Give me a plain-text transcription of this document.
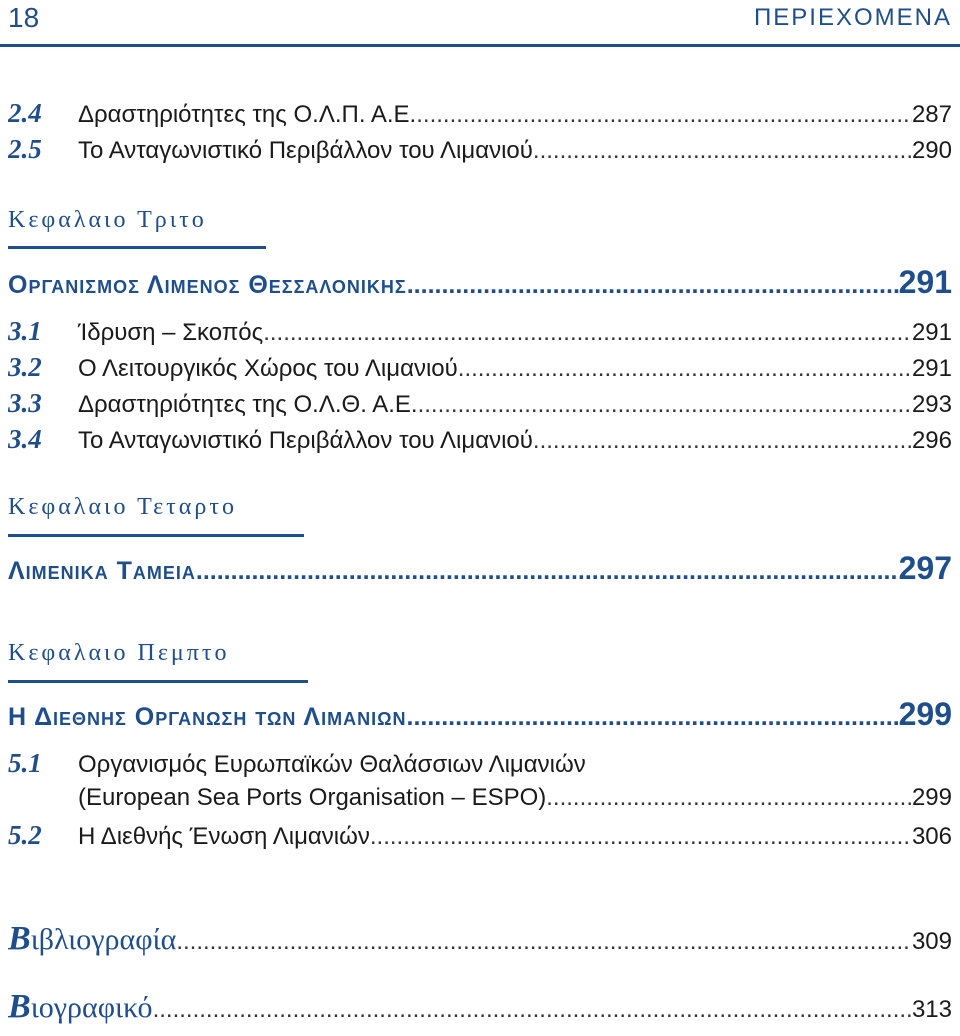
18	ΠΕΡΙΕΧΟΜΕΝΑ
2.4	Δραστηριότητες της Ο.Λ.Π. Α.Ε. .....	287
2.5	Το Ανταγωνιστικό Περιβάλλον του Λιμανιού .....	290
Κεφαλαιο Τριτο
Οργανισμος Λιμενος Θεσσαλονικης .....	291
3.1	Ίδρυση – Σκοπός .....	291
3.2	Ο Λειτουργικός Χώρος του Λιμανιού .....	291
3.3	Δραστηριότητες της Ο.Λ.Θ. Α.Ε. .....	293
3.4	Το Ανταγωνιστικό Περιβάλλον του Λιμανιού .....	296
Κεφαλαιο Τεταρτο
Λιμενικα Ταμεια .....	297
Κεφαλαιο Πεμπτο
Η Διεθνης Οργανωση των Λιμανιων .....	299
5.1	Οργανισμός Ευρωπαϊκών Θαλάσσιων Λιμανιών
(European Sea Ports Organisation – ESPO) .....	299
5.2	Η Διεθνής Ένωση Λιμανιών .....	306
Βιβλιογραφία .....	309
Βιογραφικό .....	313
